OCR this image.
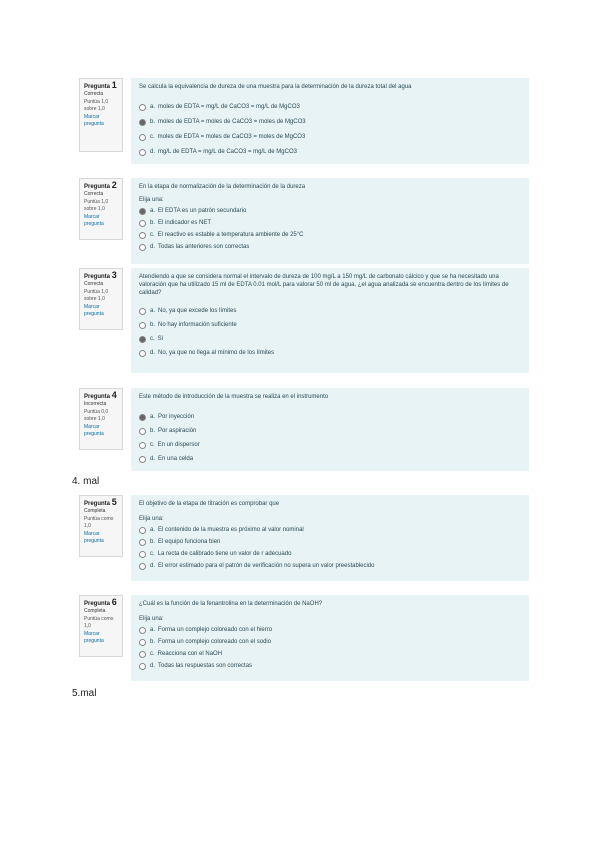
Pregunta 1
Correcta
Puntúa 1,0 sobre 1,0
Marcar pregunta
Se calcula la equivalencia de dureza de una muestra para la determinación de la dureza total del agua
a. moles de EDTA = mg/L de CaCO3 = mg/L de MgCO3
b. moles de EDTA = moles de CaCO3 = moles de MgCO3
c. moles de EDTA = moles de CaCO3 = moles de MgCO3
d. mg/L de EDTA = mg/L de CaCO3 = mg/L de MgCO3
Pregunta 2
Correcta
Puntúa 1,0 sobre 1,0
Marcar pregunta
En la etapa de normalización de la determinación de la dureza
Elija una:
a. El EDTA es un patrón secundario
b. El indicador es NET
c. El reactivo es estable a temperatura ambiente de 25°C
d. Todas las anteriores son correctas
Pregunta 3
Correcta
Puntúa 1,0 sobre 1,0
Marcar pregunta
Atendiendo a que se considera normal el intervalo de dureza de 100 mg/L a 150 mg/L de carbonato cálcico y que se ha necesitado una valoración que ha utilizado 15 ml de EDTA 0.01 mol/L para valorar 50 ml de agua, ¿el agua analizada se encuentra dentro de los límites de calidad?
a. No, ya que excede los límites
b. No hay información suficiente
c. Sí
d. No, ya que no llega al mínimo de los límites
Pregunta 4
Incorrecta
Puntúa 0,0 sobre 1,0
Marcar pregunta
Este método de introducción de la muestra se realiza en el instrumento
a. Por inyección
b. Por aspiración
c. En un dispersor
d. En una celda
4. mal
Pregunta 5
Completa
Puntúa como 1,0
Marcar pregunta
El objetivo de la etapa de titración es comprobar que
Elija una:
a. El contenido de la muestra es próximo al valor nominal
b. El equipo funciona bien
c. La recta de calibrado tiene un valor de r adecuado
d. El error estimado para el patrón de verificación no supera un valor preestablecido
Pregunta 6
Completa
Puntúa como 1,0
Marcar pregunta
¿Cuál es la función de la fenantrolina en la determinación de NaOH?
Elija una:
a. Forma un complejo coloreado con el hierro
b. Forma un complejo coloreado con el sodio
c. Reacciona con el NaOH
d. Todas las respuestas son correctas
5.mal
